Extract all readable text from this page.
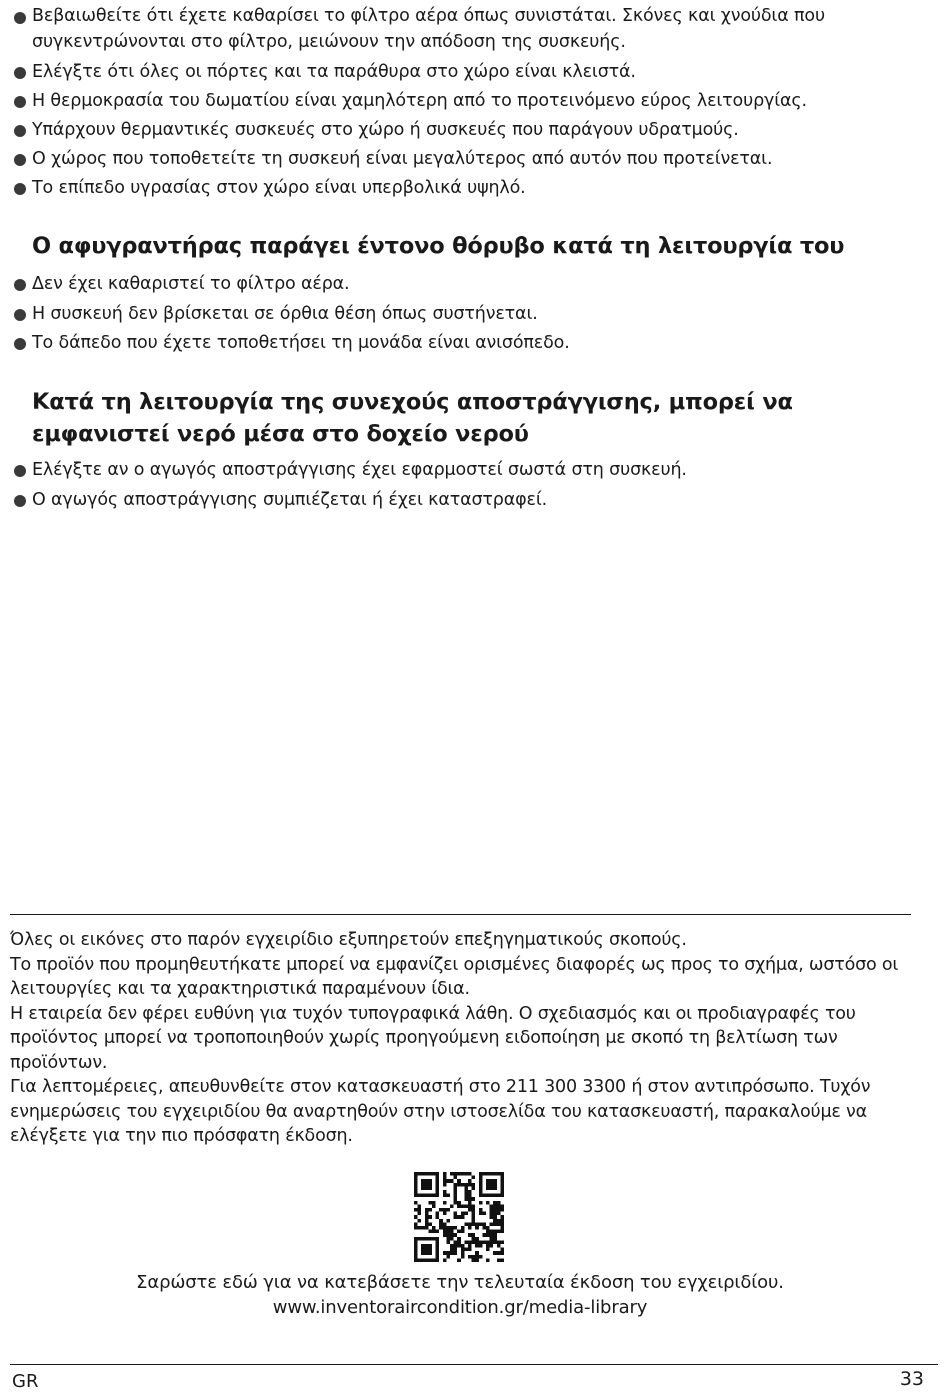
Βεβαιωθείτε ότι έχετε καθαρίσει το φίλτρο αέρα όπως συνιστάται. Σκόνες και χνούδια που συγκεντρώνονται στο φίλτρο, μειώνουν την απόδοση της συσκευής.
Ελέγξτε ότι όλες οι πόρτες και τα παράθυρα στο χώρο είναι κλειστά.
Η θερμοκρασία του δωματίου είναι χαμηλότερη από το προτεινόμενο εύρος λειτουργίας.
Υπάρχουν θερμαντικές συσκευές στο χώρο ή συσκευές που παράγουν υδρατμούς.
Ο χώρος που τοποθετείτε τη συσκευή είναι μεγαλύτερος από αυτόν που προτείνεται.
Το επίπεδο υγρασίας στον χώρο είναι υπερβολικά υψηλό.
Ο αφυγραντήρας παράγει έντονο θόρυβο κατά τη λειτουργία του
Δεν έχει καθαριστεί το φίλτρο αέρα.
Η συσκευή δεν βρίσκεται σε όρθια θέση όπως συστήνεται.
Το δάπεδο που έχετε τοποθετήσει τη μονάδα είναι ανισόπεδο.
Κατά τη λειτουργία της συνεχούς αποστράγγισης, μπορεί να εμφανιστεί νερό μέσα στο δοχείο νερού
Ελέγξτε αν ο αγωγός αποστράγγισης έχει εφαρμοστεί σωστά στη συσκευή.
Ο αγωγός αποστράγγισης συμπιέζεται ή έχει καταστραφεί.

Όλες οι εικόνες στο παρόν εγχειρίδιο εξυπηρετούν επεξηγηματικούς σκοπούς.

Το προϊόν που προμηθευτήκατε μπορεί να εμφανίζει ορισμένες διαφορές ως προς το σχήμα, ωστόσο οι λειτουργίες και τα χαρακτηριστικά παραμένουν ίδια.

Η εταιρεία δεν φέρει ευθύνη για τυχόν τυπογραφικά λάθη. Ο σχεδιασμός και οι προδιαγραφές του προϊόντος μπορεί να τροποποιηθούν χωρίς προηγούμενη ειδοποίηση με σκοπό τη βελτίωση των προϊόντων.

Για λεπτομέρειες, απευθυνθείτε στον κατασκευαστή στο 211 300 3300 ή στον αντιπρόσωπο. Τυχόν ενημερώσεις του εγχειριδίου θα αναρτηθούν στην ιστοσελίδα του κατασκευαστή, παρακαλούμε να ελέγξετε για την πιο πρόσφατη έκδοση.

Σαρώστε εδώ για να κατεβάσετε την τελευταία έκδοση του εγχειριδίου.
www.inventoraircondition.gr/media-library
GR	33
